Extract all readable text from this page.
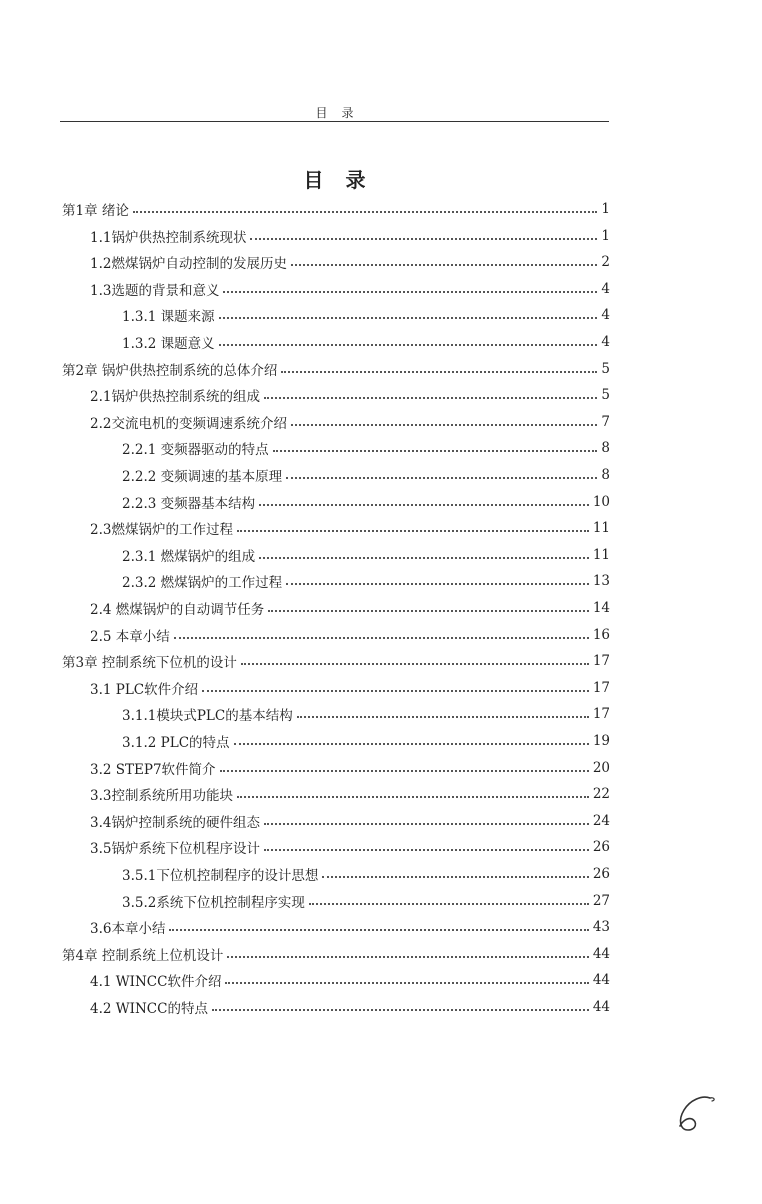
目录
目录
第1章 绪论	1
1.1锅炉供热控制系统现状	1
1.2燃煤锅炉自动控制的发展历史	2
1.3选题的背景和意义	4
1.3.1 课题来源	4
1.3.2 课题意义	4
第2章 锅炉供热控制系统的总体介绍	5
2.1锅炉供热控制系统的组成	5
2.2交流电机的变频调速系统介绍	7
2.2.1 变频器驱动的特点	8
2.2.2 变频调速的基本原理	8
2.2.3 变频器基本结构	10
2.3燃煤锅炉的工作过程	11
2.3.1 燃煤锅炉的组成	11
2.3.2 燃煤锅炉的工作过程	13
2.4 燃煤锅炉的自动调节任务	14
2.5 本章小结	16
第3章 控制系统下位机的设计	17
3.1 PLC软件介绍	17
3.1.1模块式PLC的基本结构	17
3.1.2 PLC的特点	19
3.2 STEP7软件简介	20
3.3控制系统所用功能块	22
3.4锅炉控制系统的硬件组态	24
3.5锅炉系统下位机程序设计	26
3.5.1下位机控制程序的设计思想	26
3.5.2系统下位机控制程序实现	27
3.6本章小结	43
第4章 控制系统上位机设计	44
4.1 WINCC软件介绍	44
4.2 WINCC的特点	44
